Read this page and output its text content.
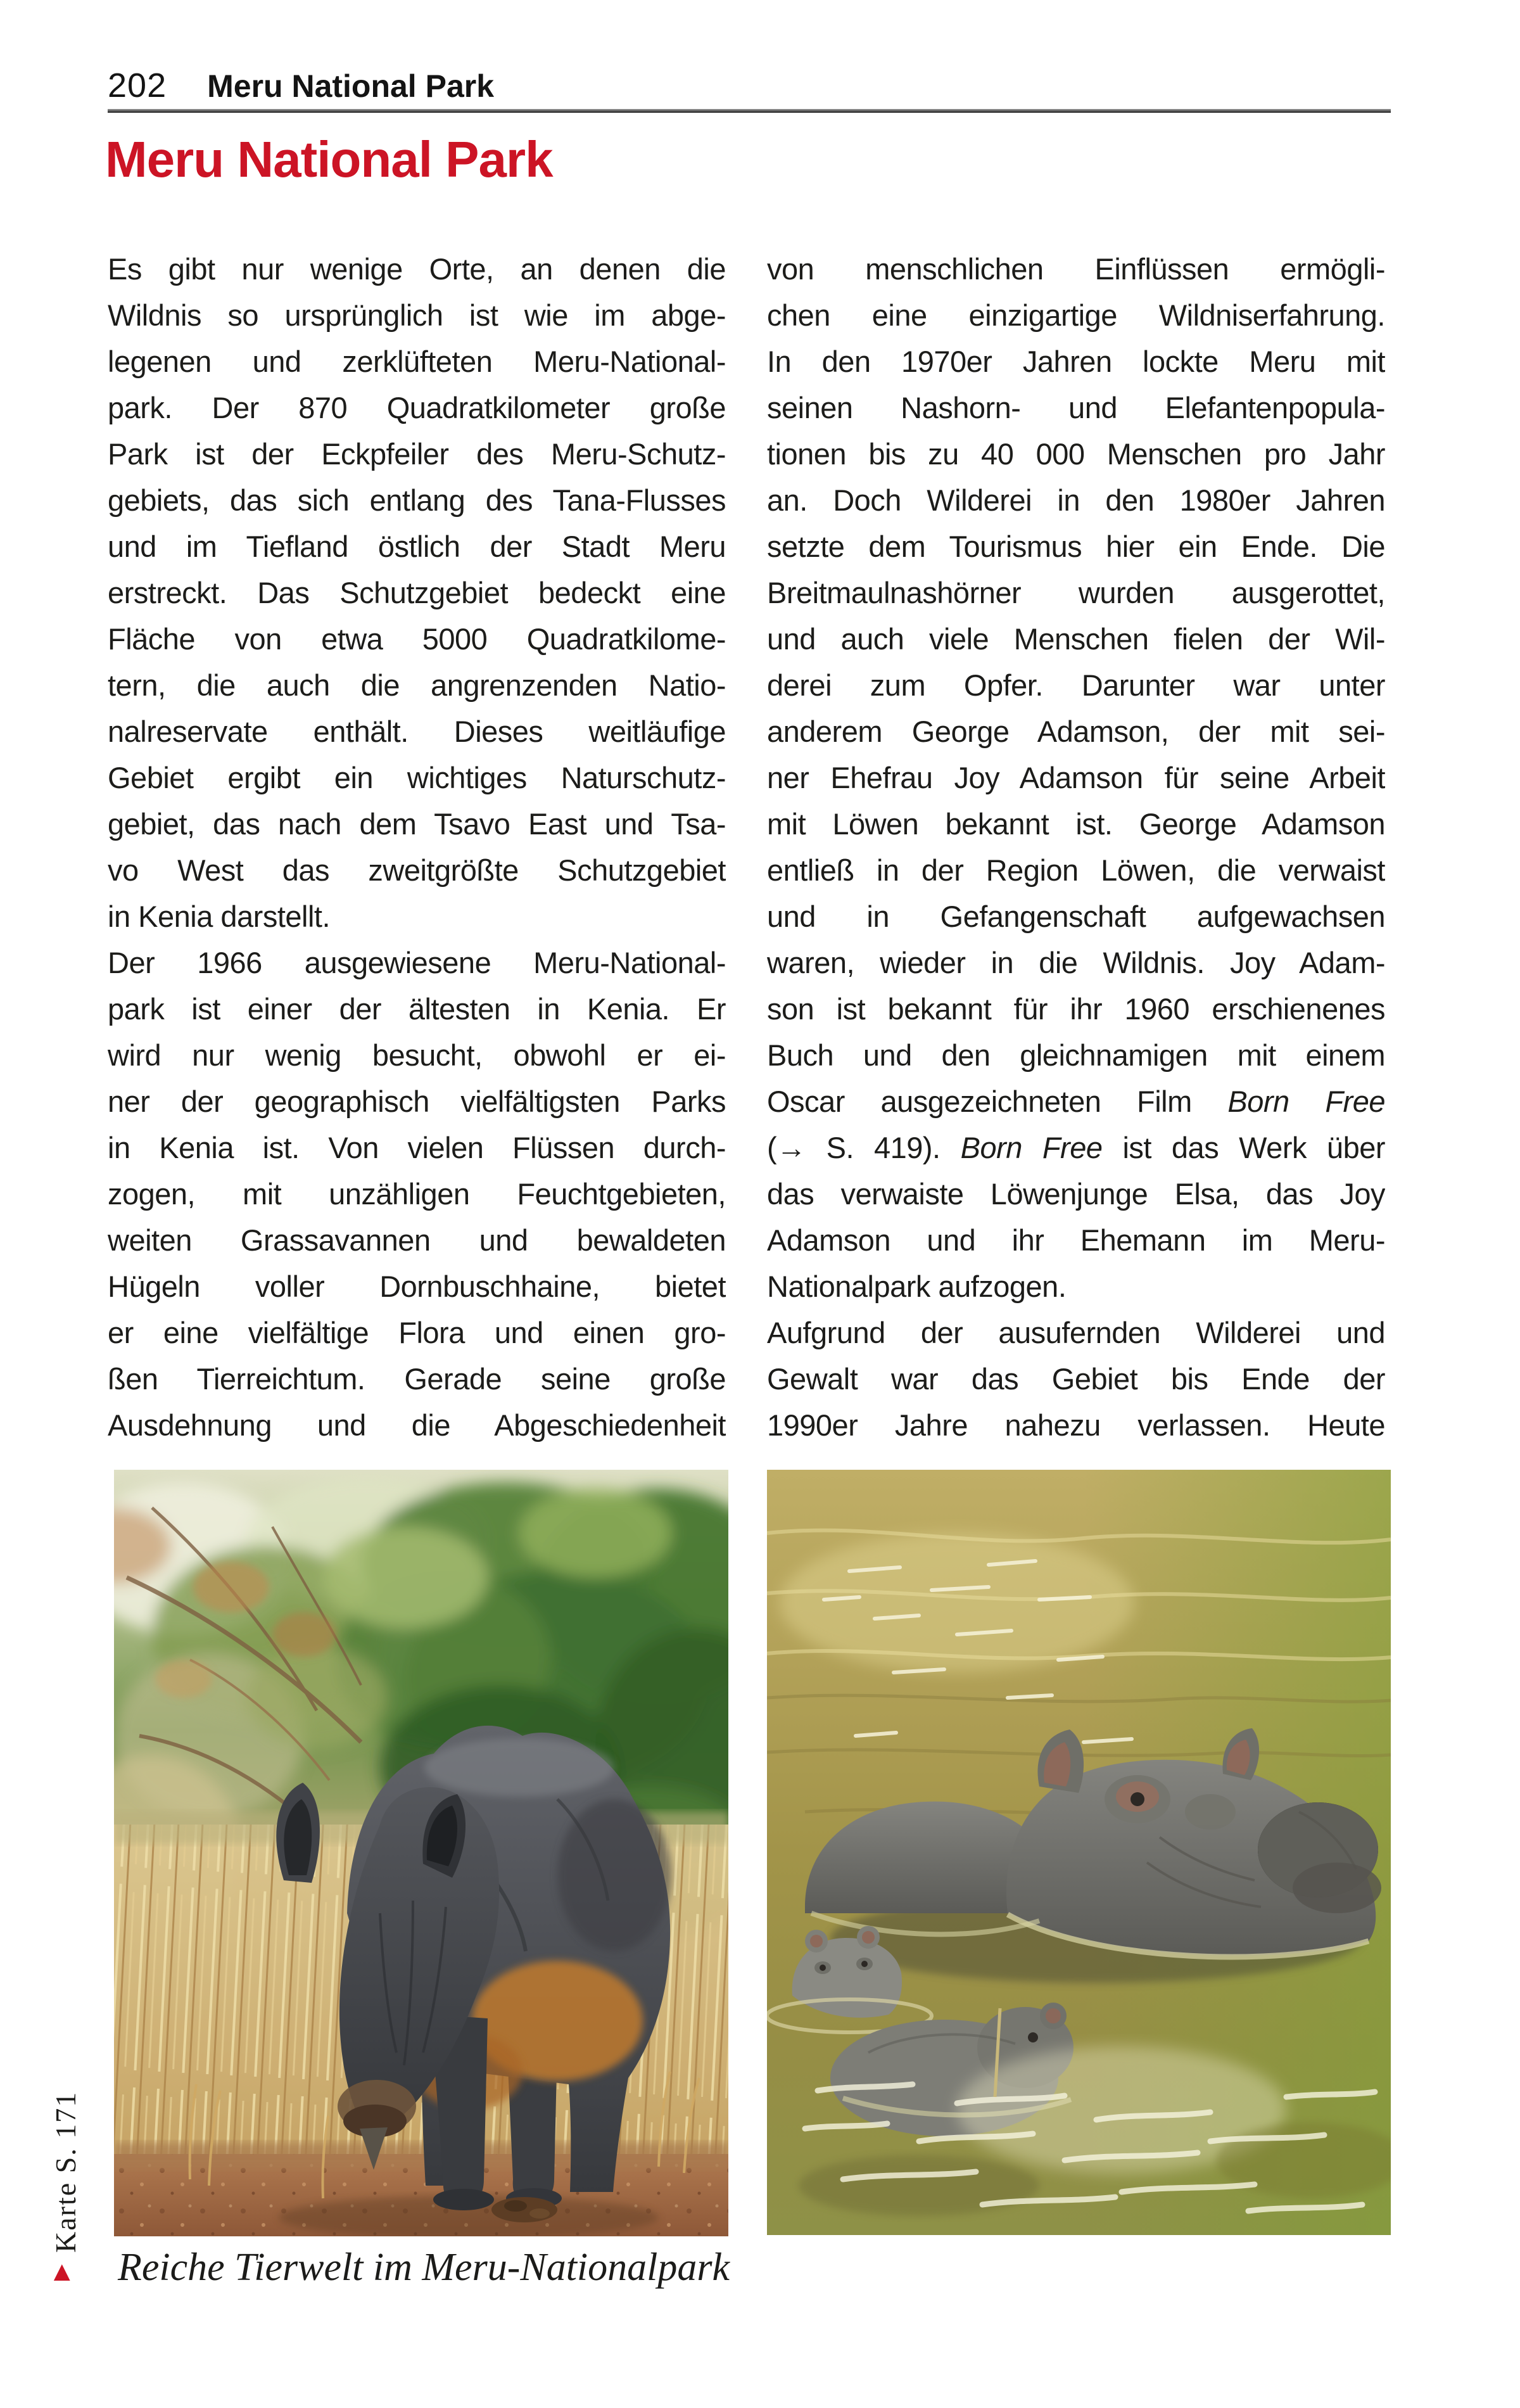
202 Meru National Park
Meru National Park
Es gibt nur wenige Orte, an denen die
Wildnis so ursprünglich ist wie im abge-
legenen und zerklüfteten Meru-National-
park. Der 870 Quadratkilometer große
Park ist der Eckpfeiler des Meru-Schutz-
gebiets, das sich entlang des Tana-Flusses
und im Tiefland östlich der Stadt Meru
erstreckt. Das Schutzgebiet bedeckt eine
Fläche von etwa 5000 Quadratkilome-
tern, die auch die angrenzenden Natio-
nalreservate enthält. Dieses weitläufige
Gebiet ergibt ein wichtiges Naturschutz-
gebiet, das nach dem Tsavo East und Tsa-
vo West das zweitgrößte Schutzgebiet
in Kenia darstellt.
Der 1966 ausgewiesene Meru-National-
park ist einer der ältesten in Kenia. Er
wird nur wenig besucht, obwohl er ei-
ner der geographisch vielfältigsten Parks
in Kenia ist. Von vielen Flüssen durch-
zogen, mit unzähligen Feuchtgebieten,
weiten Grassavannen und bewaldeten
Hügeln voller Dornbuschhaine, bietet
er eine vielfältige Flora und einen gro-
ßen Tierreichtum. Gerade seine große
Ausdehnung und die Abgeschiedenheit
von menschlichen Einflüssen ermögli-
chen eine einzigartige Wildniserfahrung.
In den 1970er Jahren lockte Meru mit
seinen Nashorn- und Elefantenpopula-
tionen bis zu 40 000 Menschen pro Jahr
an. Doch Wilderei in den 1980er Jahren
setzte dem Tourismus hier ein Ende. Die
Breitmaulnashörner wurden ausgerottet,
und auch viele Menschen fielen der Wil-
derei zum Opfer. Darunter war unter
anderem George Adamson, der mit sei-
ner Ehefrau Joy Adamson für seine Arbeit
mit Löwen bekannt ist. George Adamson
entließ in der Region Löwen, die verwaist
und in Gefangenschaft aufgewachsen
waren, wieder in die Wildnis. Joy Adam-
son ist bekannt für ihr 1960 erschienenes
Buch und den gleichnamigen mit einem
Oscar ausgezeichneten Film Born Free
(→ S. 419). Born Free ist das Werk über
das verwaiste Löwenjunge Elsa, das Joy
Adamson und ihr Ehemann im Meru-
Nationalpark aufzogen.
Aufgrund der ausufernden Wilderei und
Gewalt war das Gebiet bis Ende der
1990er Jahre nahezu verlassen. Heute
Reiche Tierwelt im Meru-Nationalpark
Karte S. 171
▲
